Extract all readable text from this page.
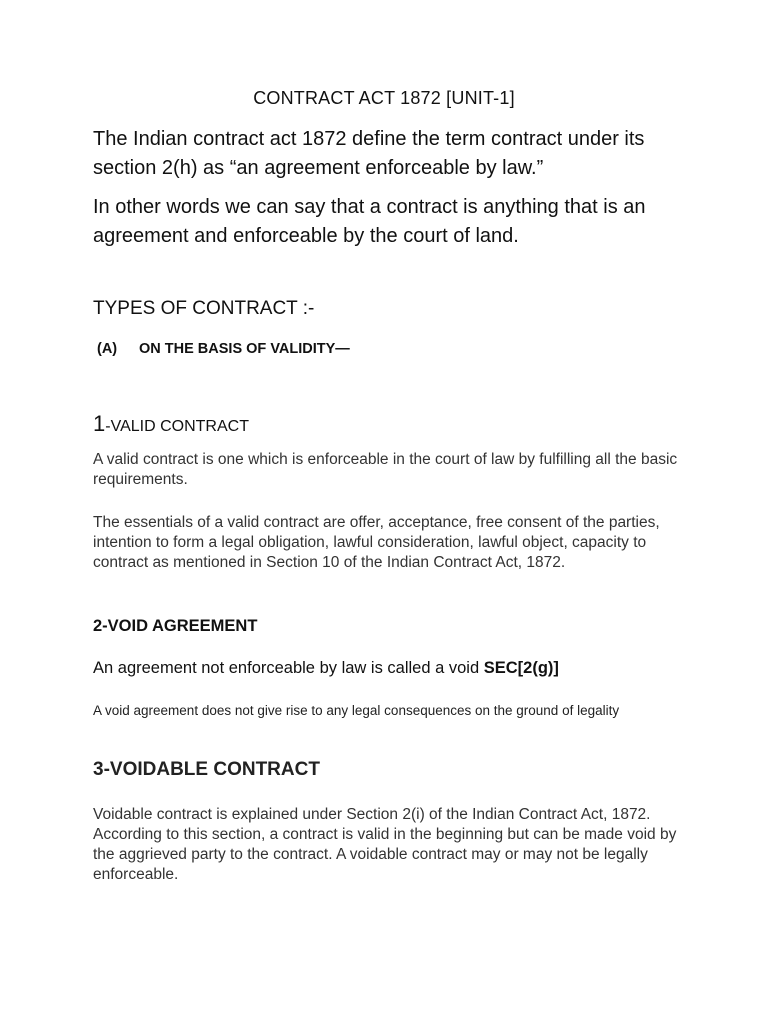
CONTRACT ACT 1872 [UNIT-1]

The Indian contract act 1872 define the term contract under its section 2(h) as “an agreement enforceable by law.”

In other words we can say that a contract is anything that is an agreement and enforceable by the court of land.

TYPES OF CONTRACT :-
(A) ON THE BASIS OF VALIDITY—
1-VALID CONTRACT

A valid contract is one which is enforceable in the court of law by fulfilling all the basic requirements.

The essentials of a valid contract are offer, acceptance, free consent of the parties, intention to form a legal obligation, lawful consideration, lawful object, capacity to contract as mentioned in Section 10 of the Indian Contract Act, 1872.

2-VOID AGREEMENT

An agreement not enforceable by law is called a void SEC[2(g)]

A void agreement does not give rise to any legal consequences on the ground of legality

3-VOIDABLE CONTRACT

Voidable contract is explained under Section 2(i) of the Indian Contract Act, 1872. According to this section, a contract is valid in the beginning but can be made void by the aggrieved party to the contract. A voidable contract may or may not be legally enforceable.
